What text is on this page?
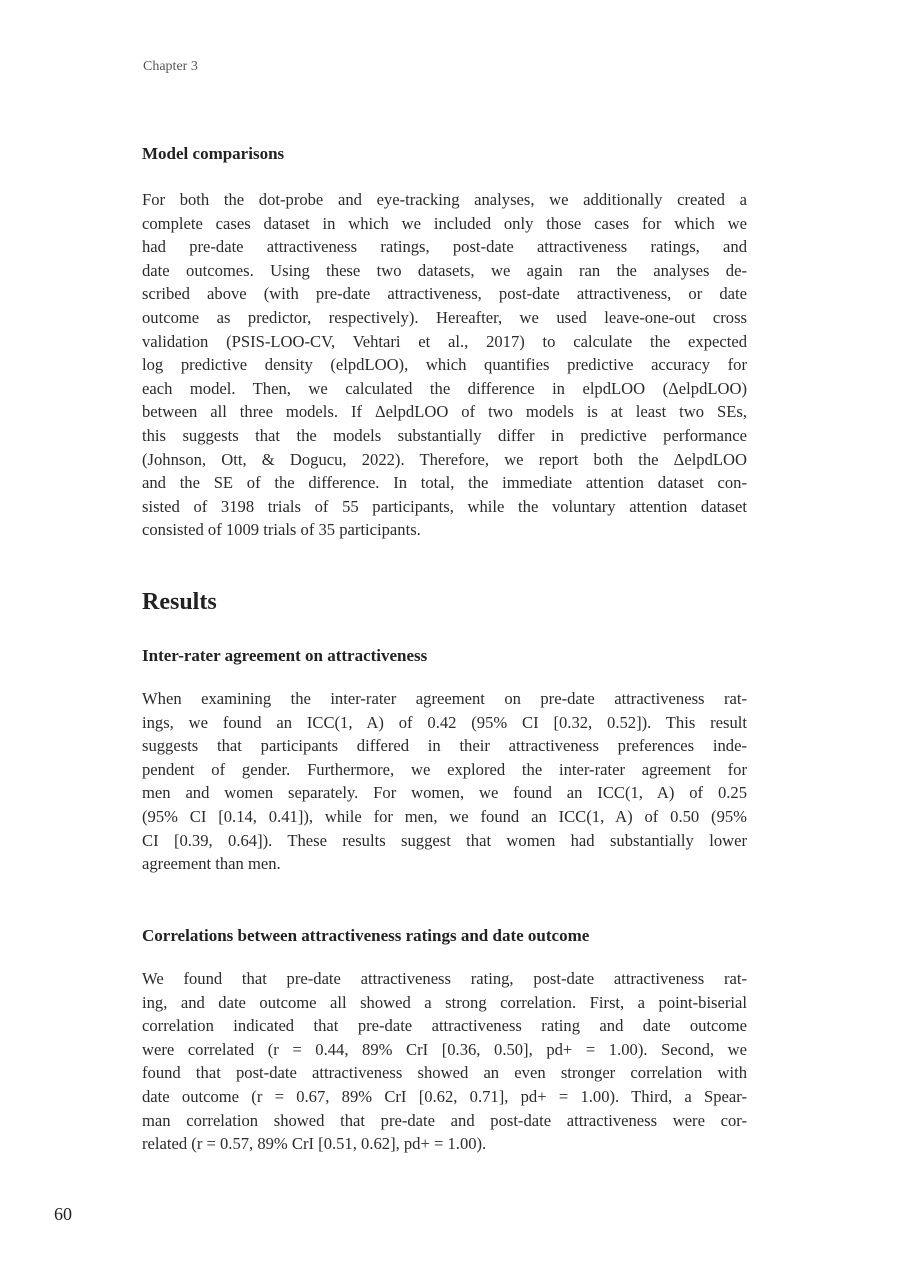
Chapter 3
Model comparisons
For both the dot-probe and eye-tracking analyses, we additionally created a
complete cases dataset in which we included only those cases for which we
had pre-date attractiveness ratings, post-date attractiveness ratings, and
date outcomes. Using these two datasets, we again ran the analyses de-
scribed above (with pre-date attractiveness, post-date attractiveness, or date
outcome as predictor, respectively). Hereafter, we used leave-one-out cross
validation (PSIS-LOO-CV, Vehtari et al., 2017) to calculate the expected
log predictive density (elpdLOO), which quantifies predictive accuracy for
each model. Then, we calculated the difference in elpdLOO (ΔelpdLOO)
between all three models. If ΔelpdLOO of two models is at least two SEs,
this suggests that the models substantially differ in predictive performance
(Johnson, Ott, & Dogucu, 2022). Therefore, we report both the ΔelpdLOO
and the SE of the difference. In total, the immediate attention dataset con-
sisted of 3198 trials of 55 participants, while the voluntary attention dataset
consisted of 1009 trials of 35 participants.
Results
Inter-rater agreement on attractiveness
When examining the inter-rater agreement on pre-date attractiveness rat-
ings, we found an ICC(1, A) of 0.42 (95% CI [0.32, 0.52]). This result
suggests that participants differed in their attractiveness preferences inde-
pendent of gender. Furthermore, we explored the inter-rater agreement for
men and women separately. For women, we found an ICC(1, A) of 0.25
(95% CI [0.14, 0.41]), while for men, we found an ICC(1, A) of 0.50 (95%
CI [0.39, 0.64]). These results suggest that women had substantially lower
agreement than men.
Correlations between attractiveness ratings and date outcome
We found that pre-date attractiveness rating, post-date attractiveness rat-
ing, and date outcome all showed a strong correlation. First, a point-biserial
correlation indicated that pre-date attractiveness rating and date outcome
were correlated (r = 0.44, 89% CrI [0.36, 0.50], pd+ = 1.00). Second, we
found that post-date attractiveness showed an even stronger correlation with
date outcome (r = 0.67, 89% CrI [0.62, 0.71], pd+ = 1.00). Third, a Spear-
man correlation showed that pre-date and post-date attractiveness were cor-
related (r = 0.57, 89% CrI [0.51, 0.62], pd+ = 1.00).
60
